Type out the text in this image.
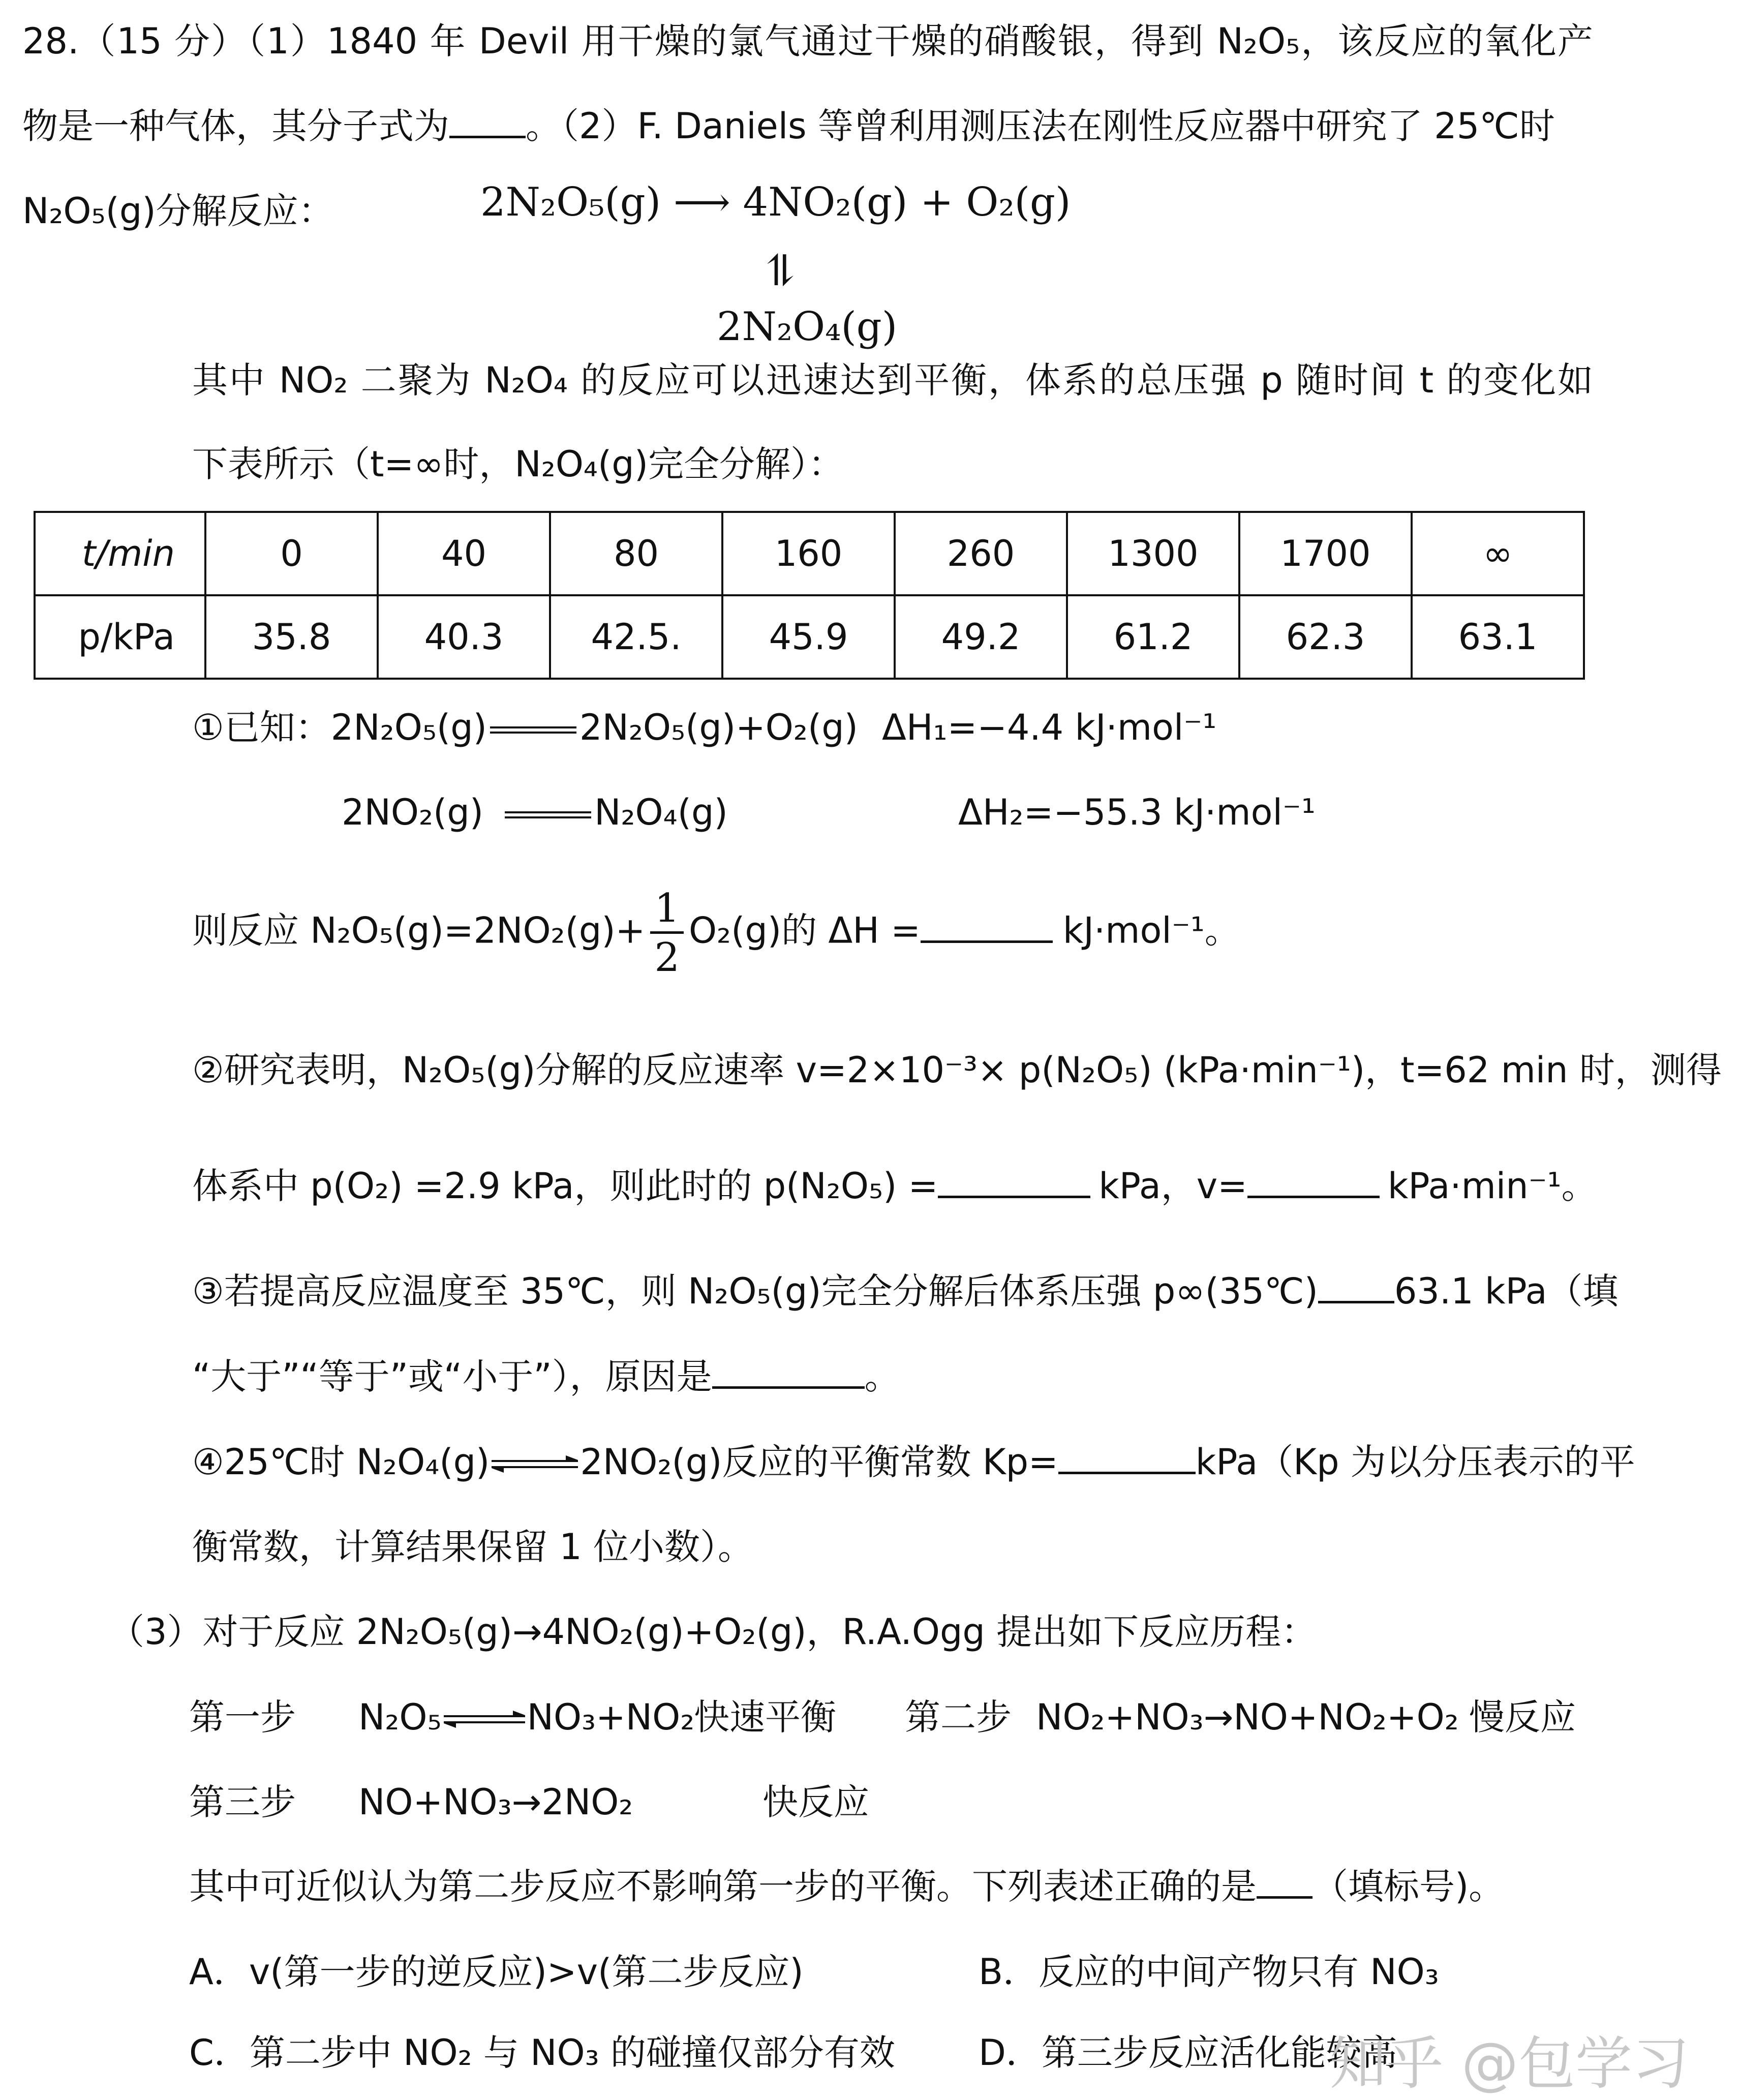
28.（15 分）（1）1840 年 Devil 用干燥的氯气通过干燥的硝酸银，得到 N₂O₅，该反应的氧化产
物是一种气体，其分子式为 。（2）F. Daniels 等曾利用测压法在刚性反应器中研究了 25℃时
N₂O₅(g)分解反应：	2N₂O₅(g) ⟶ 4NO₂(g) + O₂(g)
⥮
2N₂O₄(g)
其中 NO₂ 二聚为 N₂O₄ 的反应可以迅速达到平衡，体系的总压强 p 随时间 t 的变化如
下表所示（t=∞时，N₂O₄(g)完全分解）：
t/min	0	40	80	160	260	1300	1700	∞
p/kPa	35.8	40.3	42.5.	45.9	49.2	61.2	62.3	63.1
①已知：2N₂O₅(g)	2N₂O₅(g)+O₂(g) ΔH₁=−4.4 kJ·mol⁻¹
2NO₂(g)	N₂O₄(g)	ΔH₂=−55.3 kJ·mol⁻¹
则反应 $N_2O_5(g)=2NO_2(g)+ \frac{1}{2} O_2(g)$的 ΔH =	kJ·mol⁻¹。
②研究表明，N₂O₅(g)分解的反应速率 v=2×10⁻³× p(N₂O₅) (kPa·min⁻¹)，t=62 min 时，测得
体系中 p(O₂) =2.9 kPa，则此时的 p(N₂O₅) =	kPa，v=	kPa·min⁻¹。
③若提高反应温度至 35℃，则 N₂O₅(g)完全分解后体系压强 p∞(35℃) 63.1 kPa（填
“大于”“等于”或“小于”），原因是	。
④25℃时 N₂O₄(g) ⇌ 2NO₂(g)反应的平衡常数 Kp=	kPa（Kp 为以分压表示的平
衡常数，计算结果保留 1 位小数）。
（3）对于反应 2N₂O₅(g)→4NO₂(g)+O₂(g)，R.A.Ogg 提出如下反应历程：
第一步 N₂O₅ ⇌ NO₃+NO₂
快速平衡 第二步 NO₂+NO₃→NO+NO₂+O₂ 慢反应
第三步 NO+NO₃→2NO₂	快反应
其中可近似认为第二步反应不影响第一步的平衡。下列表述正确的是 （填标号)。
A．v(第一步的逆反应)>v(第二步反应)	B．反应的中间产物只有 NO₃
C．第二步中 NO₂ 与 NO₃ 的碰撞仅部分有效 D．第三步反应活化能较高
知乎 @包学习
